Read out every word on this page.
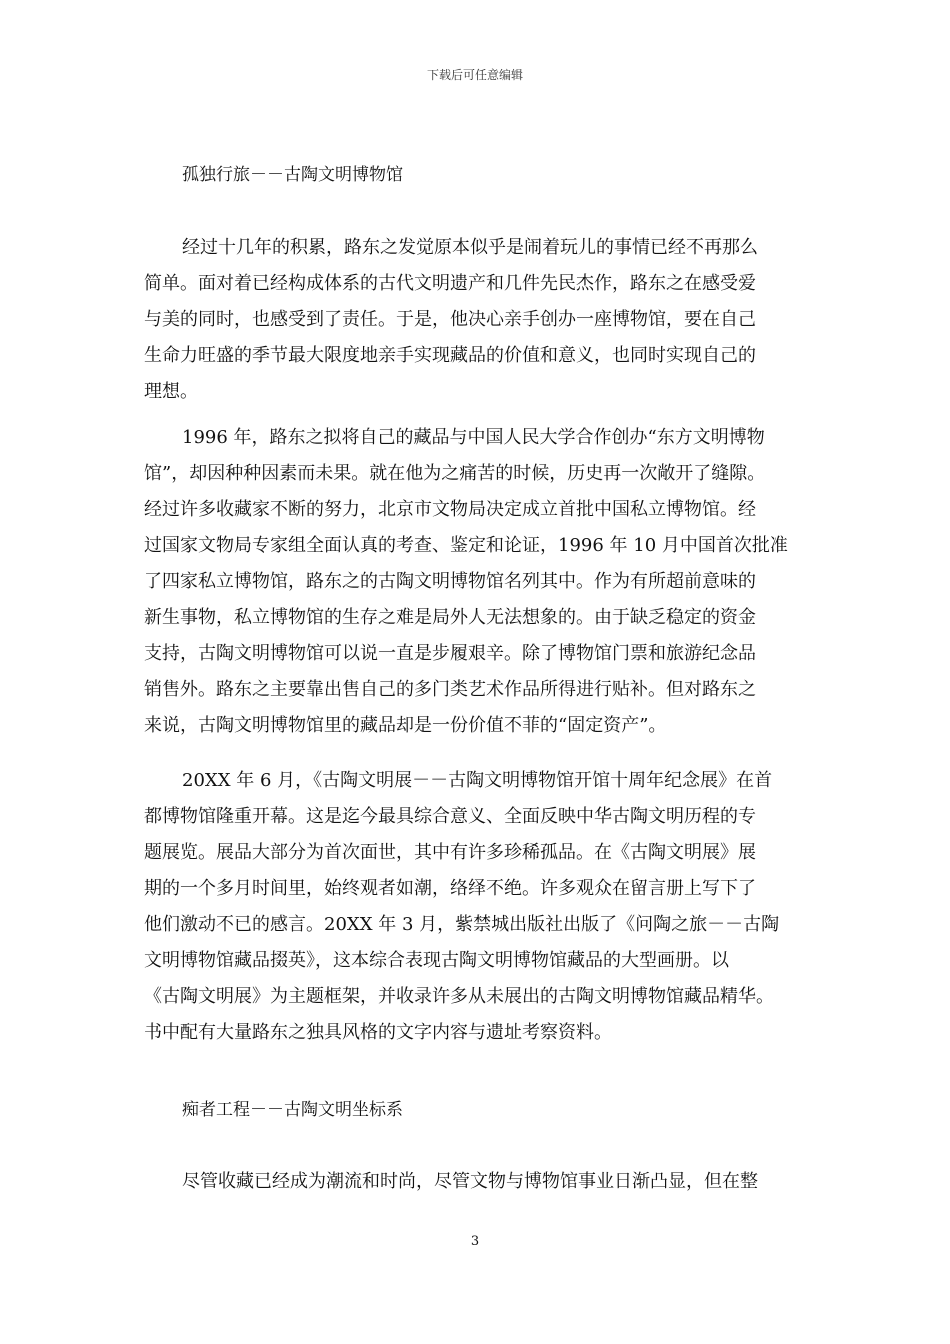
下载后可任意编辑
孤独行旅－－古陶文明博物馆

经过十几年的积累，路东之发觉原本似乎是闹着玩儿的事情已经不再那么
简单。面对着已经构成体系的古代文明遗产和几件先民杰作，路东之在感受爱
与美的同时，也感受到了责任。于是，他决心亲手创办一座博物馆，要在自己
生命力旺盛的季节最大限度地亲手实现藏品的价值和意义，也同时实现自己的
理想。

1996 年，路东之拟将自己的藏品与中国人民大学合作创办“东方文明博物
馆”，却因种种因素而未果。就在他为之痛苦的时候，历史再一次敞开了缝隙。
经过许多收藏家不断的努力，北京市文物局决定成立首批中国私立博物馆。经
过国家文物局专家组全面认真的考查、鉴定和论证，1996 年 10 月中国首次批准
了四家私立博物馆，路东之的古陶文明博物馆名列其中。作为有所超前意味的
新生事物，私立博物馆的生存之难是局外人无法想象的。由于缺乏稳定的资金
支持，古陶文明博物馆可以说一直是步履艰辛。除了博物馆门票和旅游纪念品
销售外。路东之主要靠出售自己的多门类艺术作品所得进行贴补。但对路东之
来说，古陶文明博物馆里的藏品却是一份价值不菲的“固定资产”。

20XX 年 6 月，《古陶文明展－－古陶文明博物馆开馆十周年纪念展》在首
都博物馆隆重开幕。这是迄今最具综合意义、全面反映中华古陶文明历程的专
题展览。展品大部分为首次面世，其中有许多珍稀孤品。在《古陶文明展》展
期的一个多月时间里，始终观者如潮，络绎不绝。许多观众在留言册上写下了
他们激动不已的感言。20XX 年 3 月，紫禁城出版社出版了《问陶之旅－－古陶
文明博物馆藏品掇英》，这本综合表现古陶文明博物馆藏品的大型画册。以
《古陶文明展》为主题框架，并收录许多从未展出的古陶文明博物馆藏品精华。
书中配有大量路东之独具风格的文字内容与遗址考察资料。

痴者工程－－古陶文明坐标系

尽管收藏已经成为潮流和时尚，尽管文物与博物馆事业日渐凸显，但在整

3
